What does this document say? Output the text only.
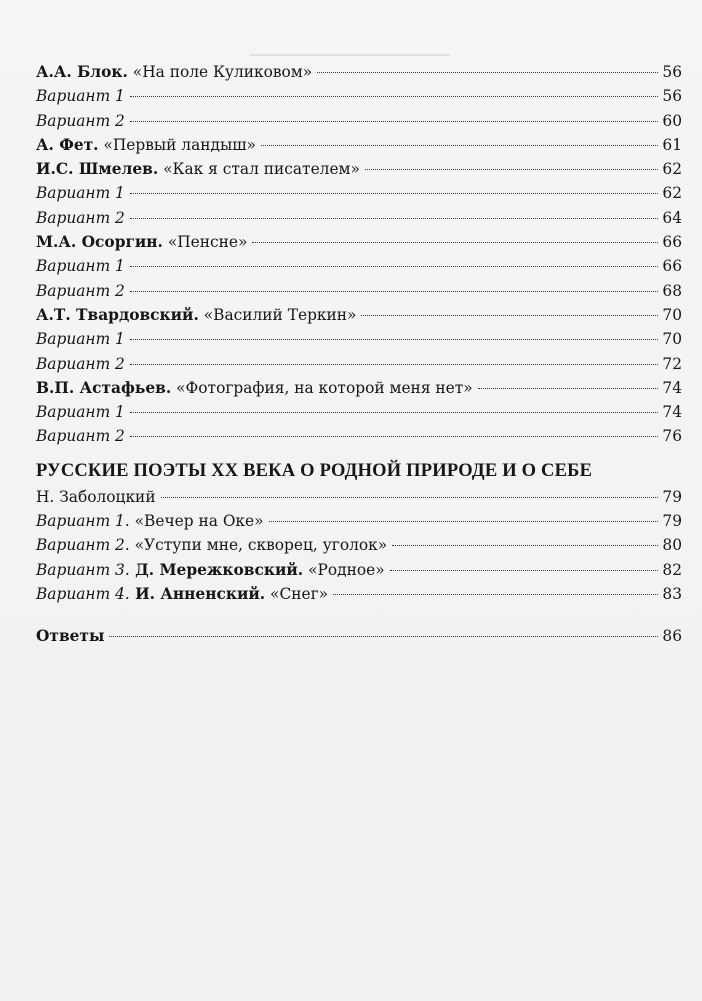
А.А. Блок. «На поле Куликовом»	56
Вариант 1	56
Вариант 2	60
А. Фет. «Первый ландыш»	61
И.С. Шмелев. «Как я стал писателем»	62
Вариант 1	62
Вариант 2	64
М.А. Осоргин. «Пенсне»	66
Вариант 1	66
Вариант 2	68
А.Т. Твардовский. «Василий Теркин»	70
Вариант 1	70
Вариант 2	72
В.П. Астафьев. «Фотография, на которой меня нет»	74
Вариант 1	74
Вариант 2	76
РУССКИЕ ПОЭТЫ XX ВЕКА О РОДНОЙ ПРИРОДЕ И О СЕБЕ
Н. Заболоцкий	79
Вариант 1. «Вечер на Оке»	79
Вариант 2. «Уступи мне, скворец, уголок»	80
Вариант 3. Д. Мережковский. «Родное»	82
Вариант 4. И. Анненский. «Снег»	83
Ответы	86
